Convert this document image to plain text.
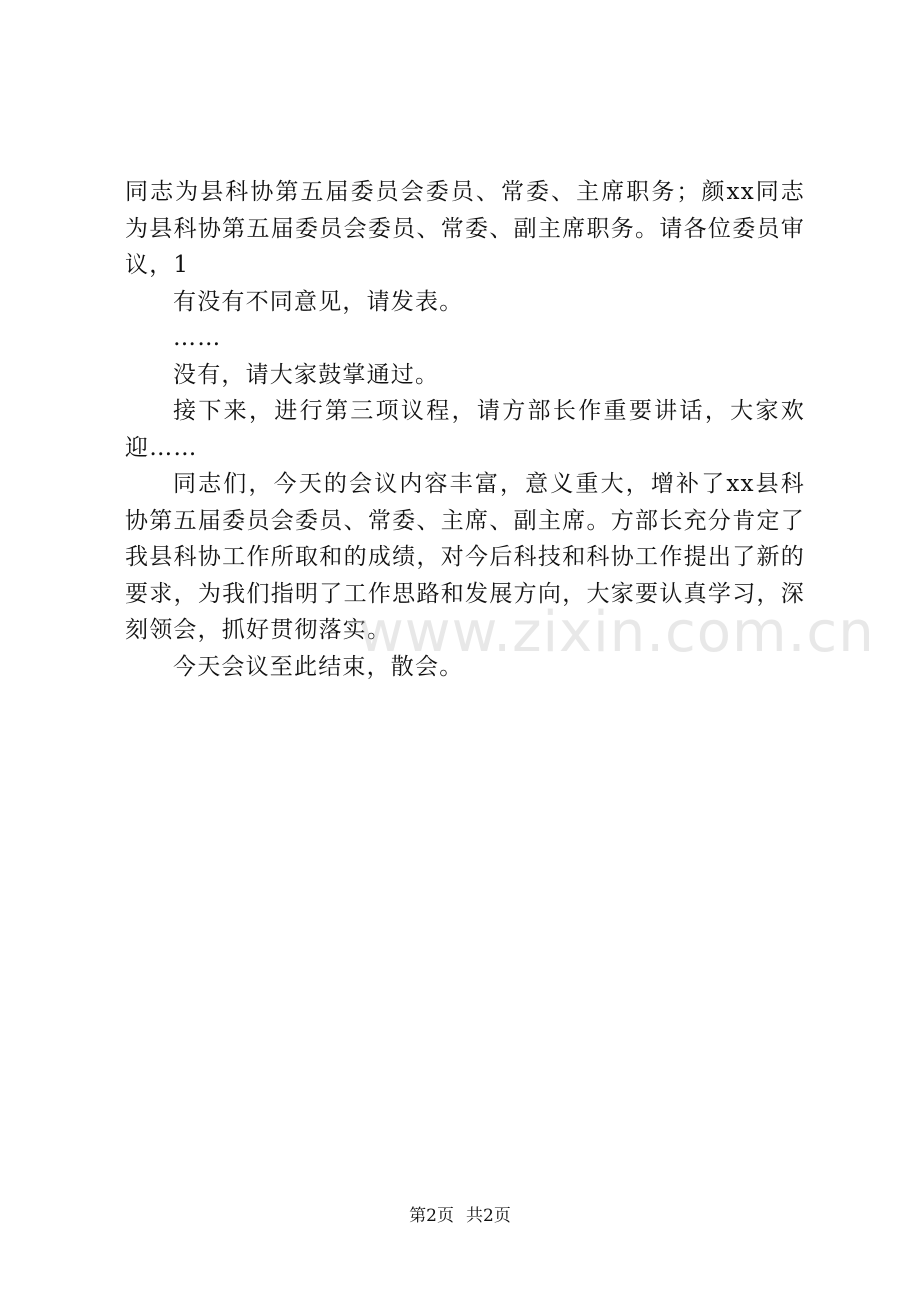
同志为县科协第五届委员会委员、常委、主席职务；颜xx同志为县科协第五届委员会委员、常委、副主席职务。请各位委员审议，1

有没有不同意见，请发表。

……

没有，请大家鼓掌通过。

接下来，进行第三项议程，请方部长作重要讲话，大家欢迎……

同志们，今天的会议内容丰富，意义重大，增补了xx县科协第五届委员会委员、常委、主席、副主席。方部长充分肯定了我县科协工作所取和的成绩，对今后科技和科协工作提出了新的要求，为我们指明了工作思路和发展方向，大家要认真学习，深刻领会，抓好贯彻落实。

今天会议至此结束，散会。

www.zixin.com.cn
第2页 共2页
